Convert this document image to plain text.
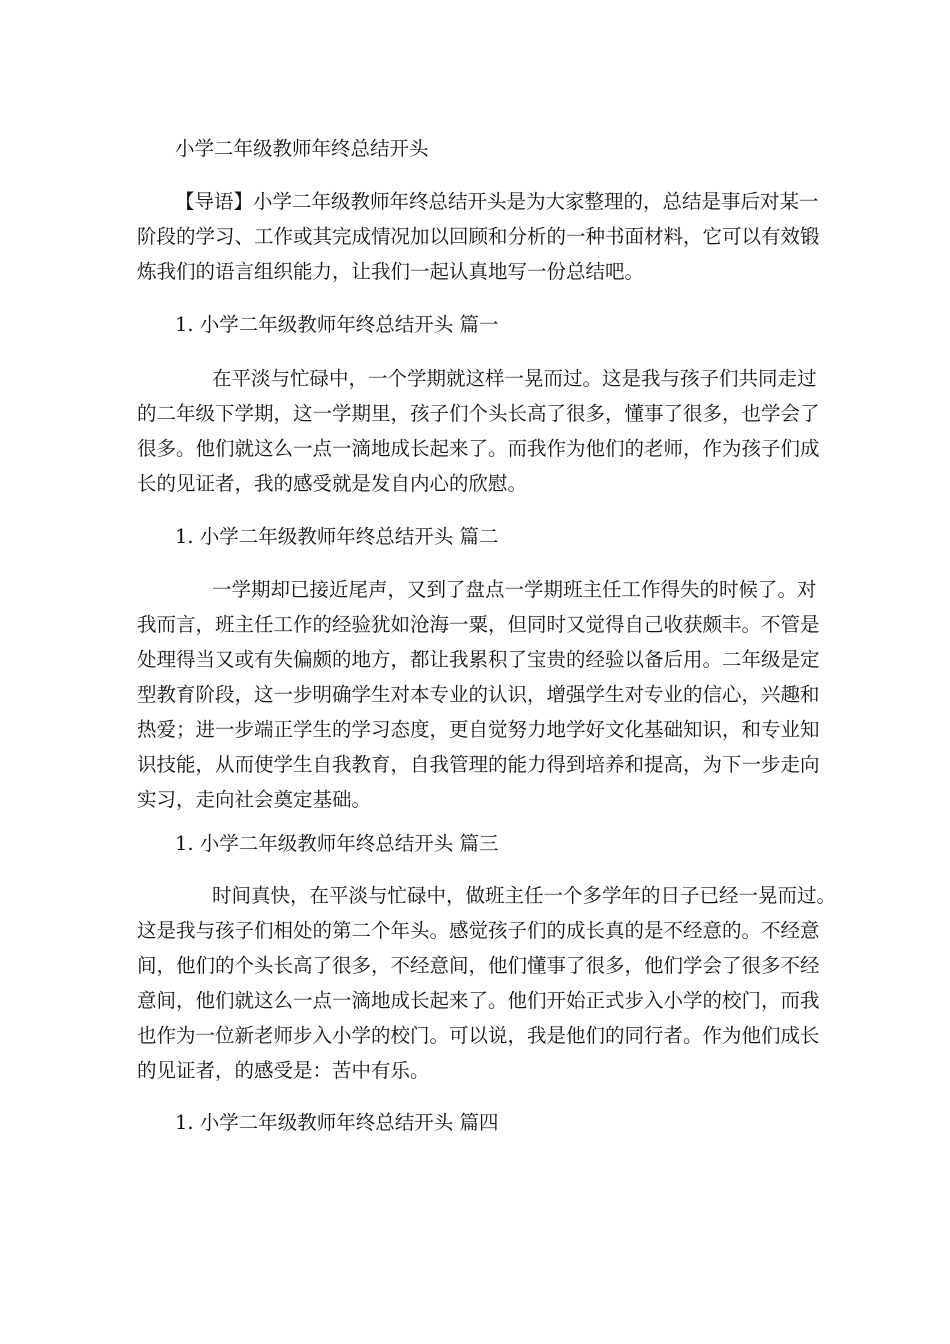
小学二年级教师年终总结开头
【导语】小学二年级教师年终总结开头是为大家整理的，总结是事后对某一
阶段的学习、工作或其完成情况加以回顾和分析的一种书面材料，它可以有效锻
炼我们的语言组织能力，让我们一起认真地写一份总结吧。
1. 小学二年级教师年终总结开头 篇一
在平淡与忙碌中，一个学期就这样一晃而过。这是我与孩子们共同走过
的二年级下学期，这一学期里，孩子们个头长高了很多，懂事了很多，也学会了
很多。他们就这么一点一滴地成长起来了。而我作为他们的老师，作为孩子们成
长的见证者，我的感受就是发自内心的欣慰。
1. 小学二年级教师年终总结开头 篇二
一学期却已接近尾声，又到了盘点一学期班主任工作得失的时候了。对
我而言，班主任工作的经验犹如沧海一粟，但同时又觉得自己收获颇丰。不管是
处理得当又或有失偏颇的地方，都让我累积了宝贵的经验以备后用。二年级是定
型教育阶段，这一步明确学生对本专业的认识，增强学生对专业的信心，兴趣和
热爱；进一步端正学生的学习态度，更自觉努力地学好文化基础知识，和专业知
识技能，从而使学生自我教育，自我管理的能力得到培养和提高，为下一步走向
实习，走向社会奠定基础。
1. 小学二年级教师年终总结开头 篇三
时间真快，在平淡与忙碌中，做班主任一个多学年的日子已经一晃而过。
这是我与孩子们相处的第二个年头。感觉孩子们的成长真的是不经意的。不经意
间，他们的个头长高了很多，不经意间，他们懂事了很多，他们学会了很多不经
意间，他们就这么一点一滴地成长起来了。他们开始正式步入小学的校门，而我
也作为一位新老师步入小学的校门。可以说，我是他们的同行者。作为他们成长
的见证者，的感受是：苦中有乐。
1. 小学二年级教师年终总结开头 篇四
